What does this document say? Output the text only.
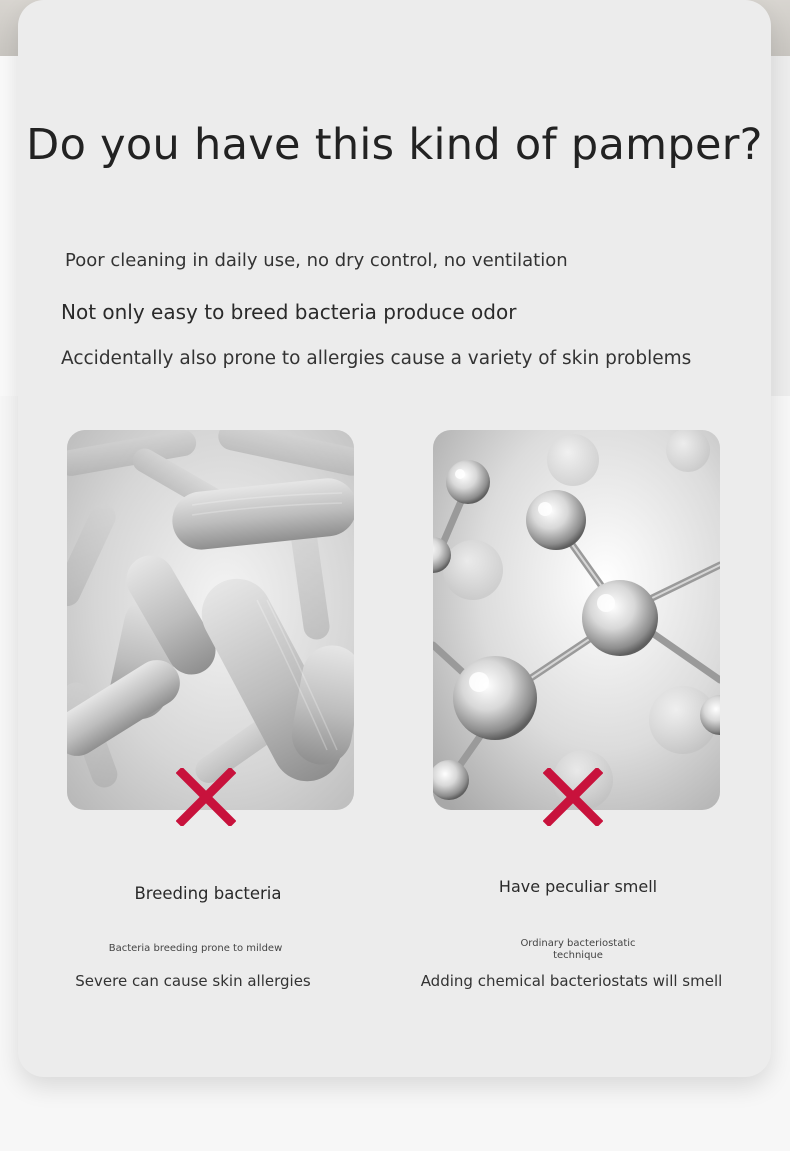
Do you have this kind of pamper?
Poor cleaning in daily use, no dry control, no ventilation
Not only easy to breed bacteria produce odor
Accidentally also prone to allergies cause a variety of skin problems
Breeding bacteria
Bacteria breeding prone to mildew
Severe can cause skin allergies
Have peculiar smell
Ordinary bacteriostatic technique
Adding chemical bacteriostats will smell
